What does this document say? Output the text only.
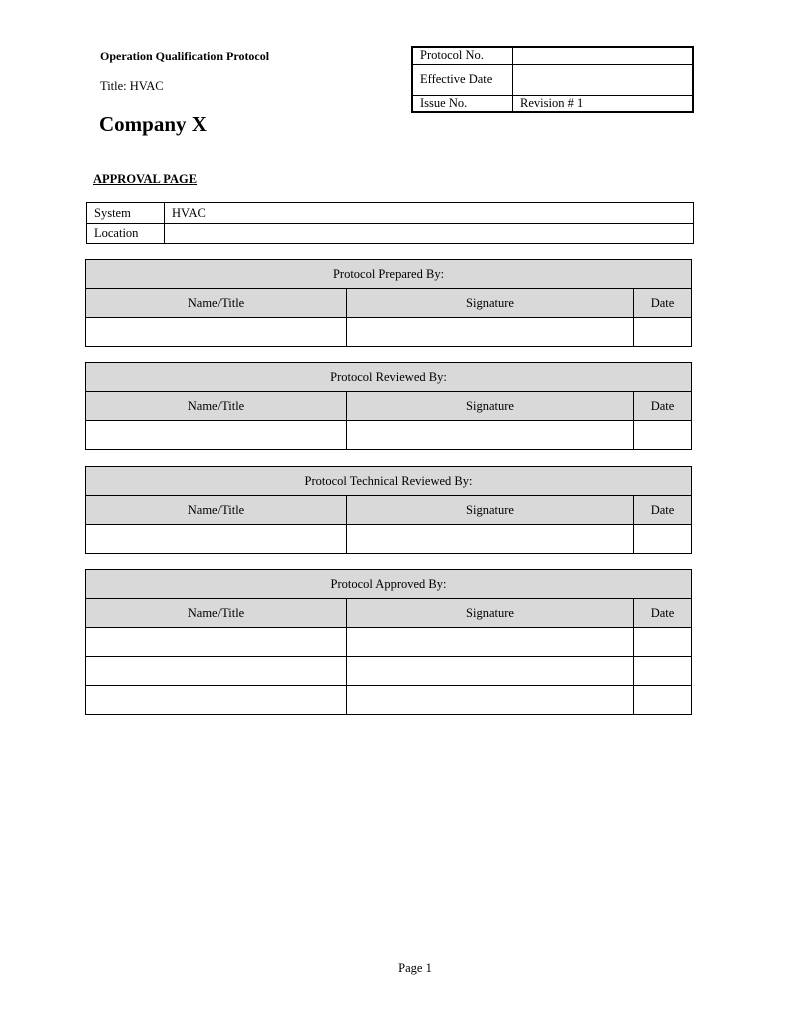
Operation Qualification Protocol
Title: HVAC
Company X
Protocol No.	
Effective Date	
Issue No.	Revision # 1
APPROVAL PAGE
System	HVAC
Location	
Protocol Prepared By:		
Name/Title	Signature	Date

Protocol Reviewed By:		
Name/Title	Signature	Date

Protocol Technical Reviewed By:		
Name/Title	Signature	Date

Protocol Approved By:		
Name/Title	Signature	Date

Page 1
